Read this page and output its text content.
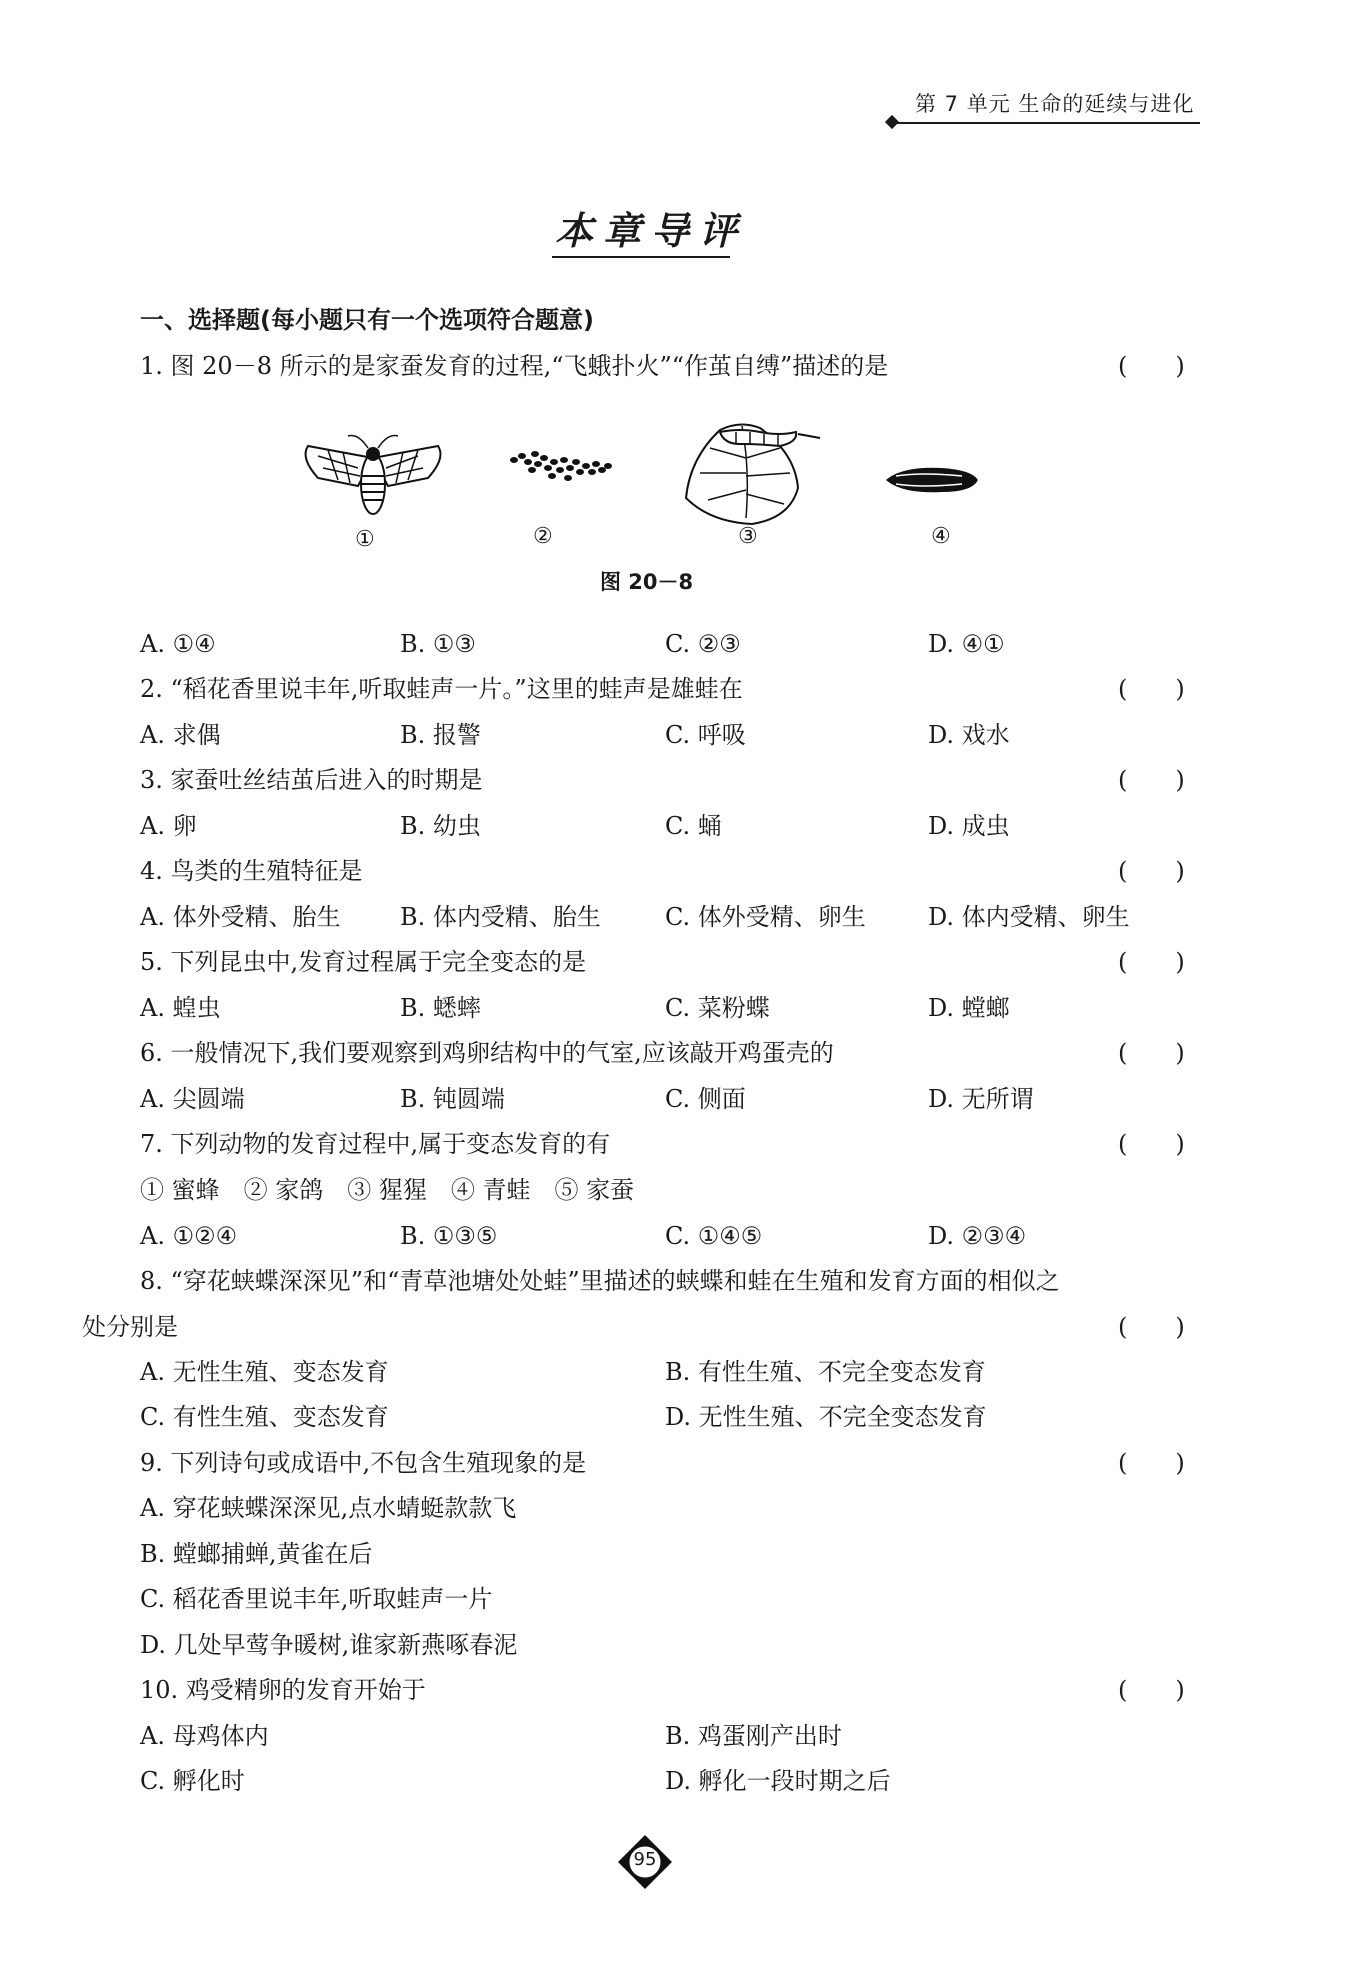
第 7 单元 生命的延续与进化
本章导评
一、选择题(每小题只有一个选项符合题意)
1. 图 20－8 所示的是家蚕发育的过程,“飞蛾扑火”“作茧自缚”描述的是	(　　)
①	②	③	④
图 20－8
A. ①④	B. ①③	C. ②③	D. ④①
2. “稻花香里说丰年,听取蛙声一片。”这里的蛙声是雄蛙在	(　　)
A. 求偶	B. 报警	C. 呼吸	D. 戏水
3. 家蚕吐丝结茧后进入的时期是	(　　)
A. 卵	B. 幼虫	C. 蛹	D. 成虫
4. 鸟类的生殖特征是	(　　)
A. 体外受精、胎生 B. 体内受精、胎生	C. 体外受精、卵生	D. 体内受精、卵生
5. 下列昆虫中,发育过程属于完全变态的是	(　　)
A. 蝗虫	B. 蟋蟀	C. 菜粉蝶	D. 螳螂
6. 一般情况下,我们要观察到鸡卵结构中的气室,应该敲开鸡蛋壳的	(　　)
A. 尖圆端	B. 钝圆端	C. 侧面	D. 无所谓
7. 下列动物的发育过程中,属于变态发育的有	(　　)
① 蜜蜂　② 家鸽　③ 猩猩　④ 青蛙　⑤ 家蚕
A. ①②④	B. ①③⑤	C. ①④⑤	D. ②③④
8. “穿花蛱蝶深深见”和“青草池塘处处蛙”里描述的蛱蝶和蛙在生殖和发育方面的相似之
处分别是	(　　)
A. 无性生殖、变态发育	B. 有性生殖、不完全变态发育
C. 有性生殖、变态发育	D. 无性生殖、不完全变态发育
9. 下列诗句或成语中,不包含生殖现象的是	(　　)
A. 穿花蛱蝶深深见,点水蜻蜓款款飞
B. 螳螂捕蝉,黄雀在后
C. 稻花香里说丰年,听取蛙声一片
D. 几处早莺争暖树,谁家新燕啄春泥
10. 鸡受精卵的发育开始于	(　　)
A. 母鸡体内	B. 鸡蛋刚产出时
C. 孵化时	D. 孵化一段时期之后
95
